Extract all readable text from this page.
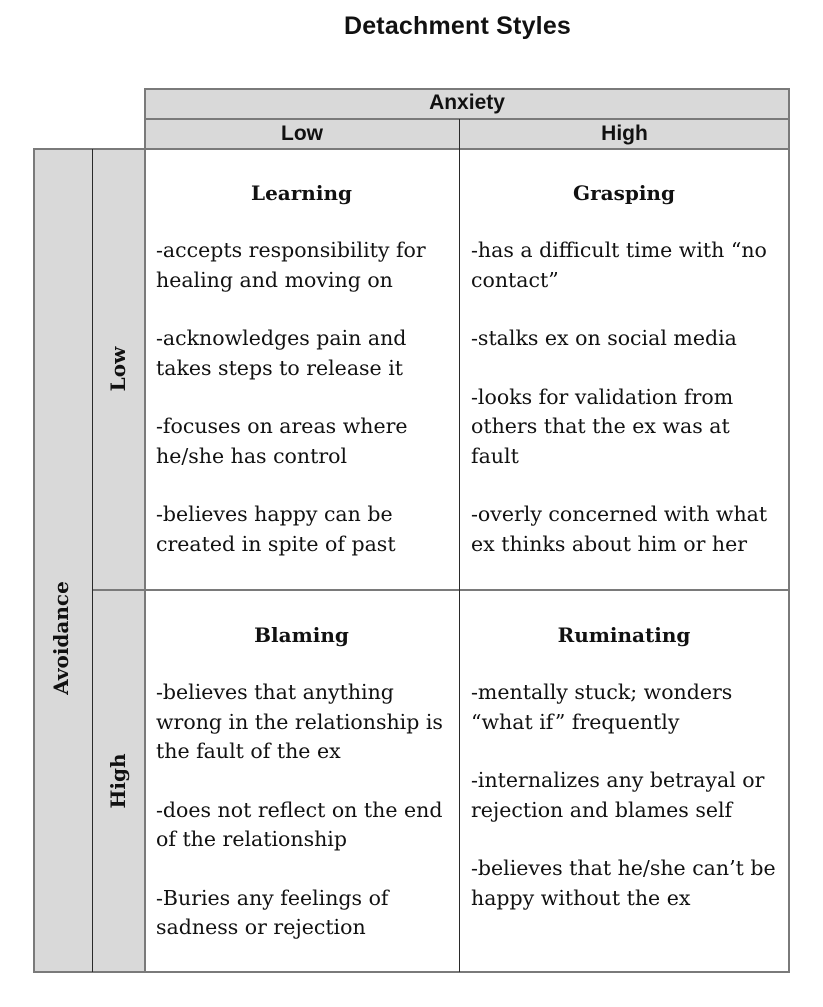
Detachment Styles
Anxiety
Low	High
Avoidance
Low
High
Learning
-accepts responsibility for healing and moving on
-acknowledges pain and takes steps to release it
-focuses on areas where he/she has control
-believes happy can be created in spite of past
Grasping
-has a difficult time with “no contact”
-stalks ex on social media
-looks for validation from others that the ex was at fault
-overly concerned with what ex thinks about him or her
Blaming
-believes that anything wrong in the relationship is the fault of the ex
-does not reflect on the end of the relationship
-Buries any feelings of sadness or rejection
Ruminating
-mentally stuck; wonders “what if” frequently
-internalizes any betrayal or rejection and blames self
-believes that he/she can’t be happy without the ex
